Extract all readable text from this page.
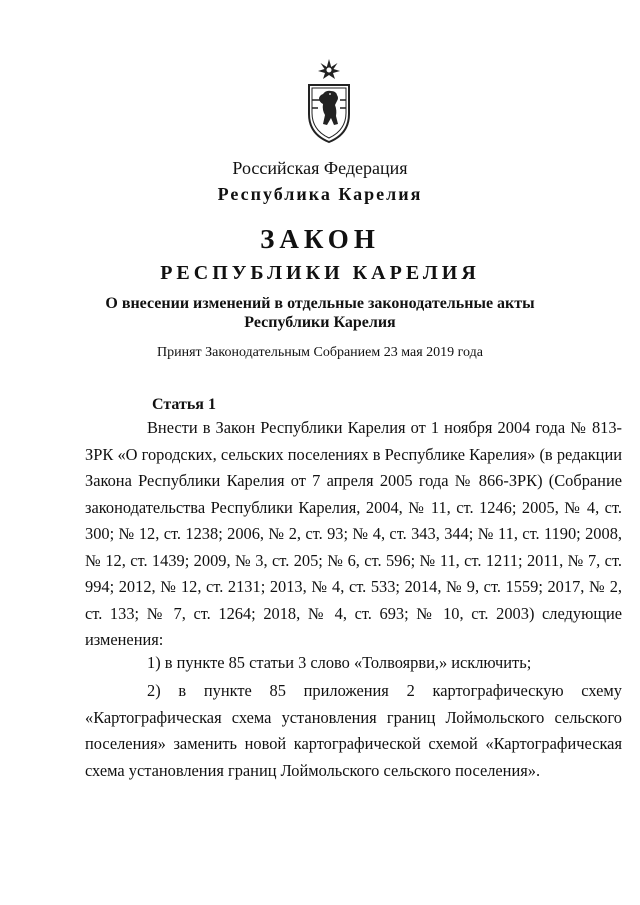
Российская Федерация
Республика Карелия
ЗАКОН
РЕСПУБЛИКИ КАРЕЛИЯ
О внесении изменений в отдельные законодательные акты
Республики Карелия
Принят Законодательным Собранием 23 мая 2019 года
Статья 1
Внести в Закон Республики Карелия от 1 ноября 2004 года № 813-ЗРК «О городских, сельских поселениях в Республике Карелия» (в редакции Закона Республики Карелия от 7 апреля 2005 года № 866-ЗРК) (Собрание законодательства Республики Карелия, 2004, № 11, ст. 1246; 2005, № 4, ст. 300; № 12, ст. 1238; 2006, № 2, ст. 93; № 4, ст. 343, 344; № 11, ст. 1190; 2008, № 12, ст. 1439; 2009, № 3, ст. 205; № 6, ст. 596; № 11, ст. 1211; 2011, № 7, ст. 994; 2012, № 12, ст. 2131; 2013, № 4, ст. 533; 2014, № 9, ст. 1559; 2017, № 2, ст. 133; № 7, ст. 1264; 2018, № 4, ст. 693; № 10, ст. 2003) следующие изменения:
1) в пункте 85 статьи 3 слово «Толвоярви,» исключить;
2) в пункте 85 приложения 2 картографическую схему «Картографическая схема установления границ Лоймольского сельского поселения» заменить новой картографической схемой «Картографическая схема установления границ Лоймольского сельского поселения».
